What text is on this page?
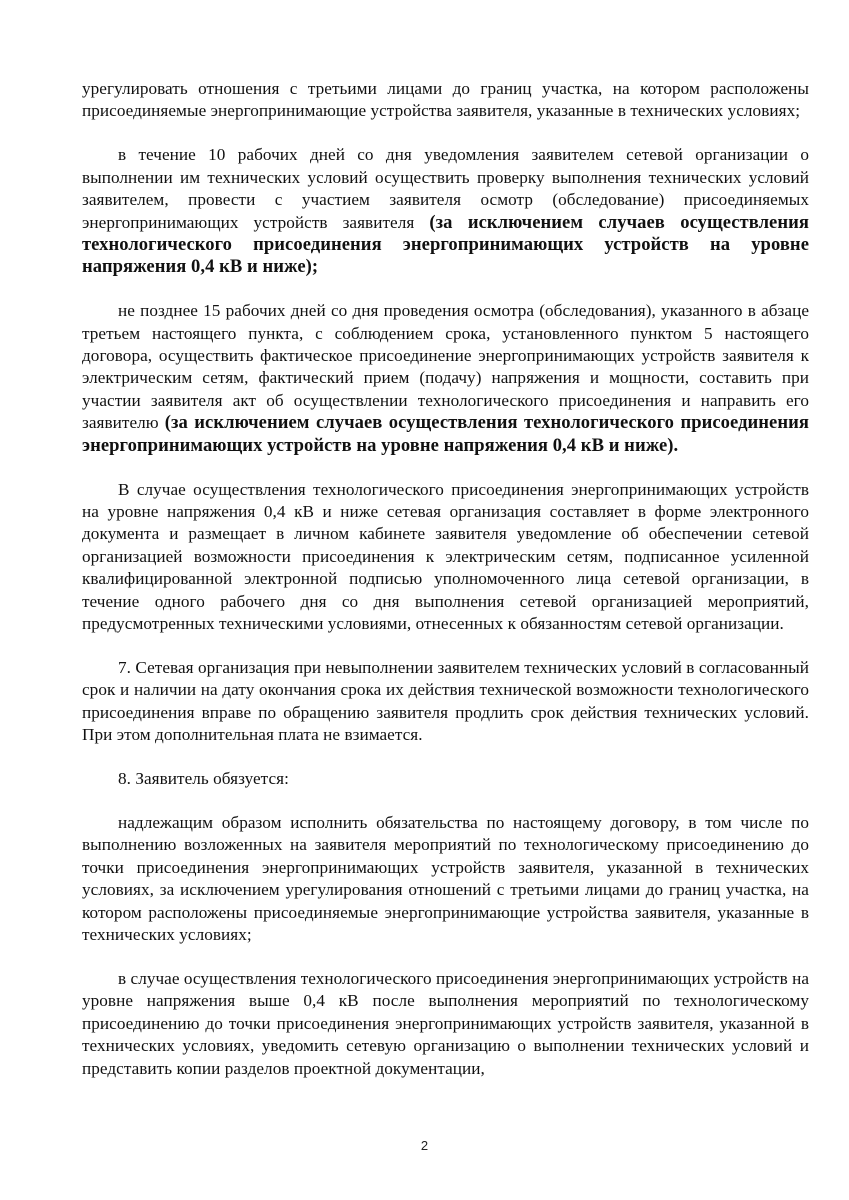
урегулировать отношения с третьими лицами до границ участка, на котором расположены присоединяемые энергопринимающие устройства заявителя, указанные в технических условиях;

в течение 10 рабочих дней со дня уведомления заявителем сетевой организации о выполнении им технических условий осуществить проверку выполнения технических условий заявителем, провести с участием заявителя осмотр (обследование) присоединяемых энергопринимающих устройств заявителя (за исключением случаев осуществления технологического присоединения энергопринимающих устройств на уровне напряжения 0,4 кВ и ниже);

не позднее 15 рабочих дней со дня проведения осмотра (обследования), указанного в абзаце третьем настоящего пункта, с соблюдением срока, установленного пунктом 5 настоящего договора, осуществить фактическое присоединение энергопринимающих устройств заявителя к электрическим сетям, фактический прием (подачу) напряжения и мощности, составить при участии заявителя акт об осуществлении технологического присоединения и направить его заявителю (за исключением случаев осуществления технологического присоединения энергопринимающих устройств на уровне напряжения 0,4 кВ и ниже).

В случае осуществления технологического присоединения энергопринимающих устройств на уровне напряжения 0,4 кВ и ниже сетевая организация составляет в форме электронного документа и размещает в личном кабинете заявителя уведомление об обеспечении сетевой организацией возможности присоединения к электрическим сетям, подписанное усиленной квалифицированной электронной подписью уполномоченного лица сетевой организации, в течение одного рабочего дня со дня выполнения сетевой организацией мероприятий, предусмотренных техническими условиями, отнесенных к обязанностям сетевой организации.

7. Сетевая организация при невыполнении заявителем технических условий в согласованный срок и наличии на дату окончания срока их действия технической возможности технологического присоединения вправе по обращению заявителя продлить срок действия технических условий. При этом дополнительная плата не взимается.

8. Заявитель обязуется:

надлежащим образом исполнить обязательства по настоящему договору, в том числе по выполнению возложенных на заявителя мероприятий по технологическому присоединению до точки присоединения энергопринимающих устройств заявителя, указанной в технических условиях, за исключением урегулирования отношений с третьими лицами до границ участка, на котором расположены присоединяемые энергопринимающие устройства заявителя, указанные в технических условиях;

в случае осуществления технологического присоединения энергопринимающих устройств на уровне напряжения выше 0,4 кВ после выполнения мероприятий по технологическому присоединению до точки присоединения энергопринимающих устройств заявителя, указанной в технических условиях, уведомить сетевую организацию о выполнении технических условий и представить копии разделов проектной документации,

2
